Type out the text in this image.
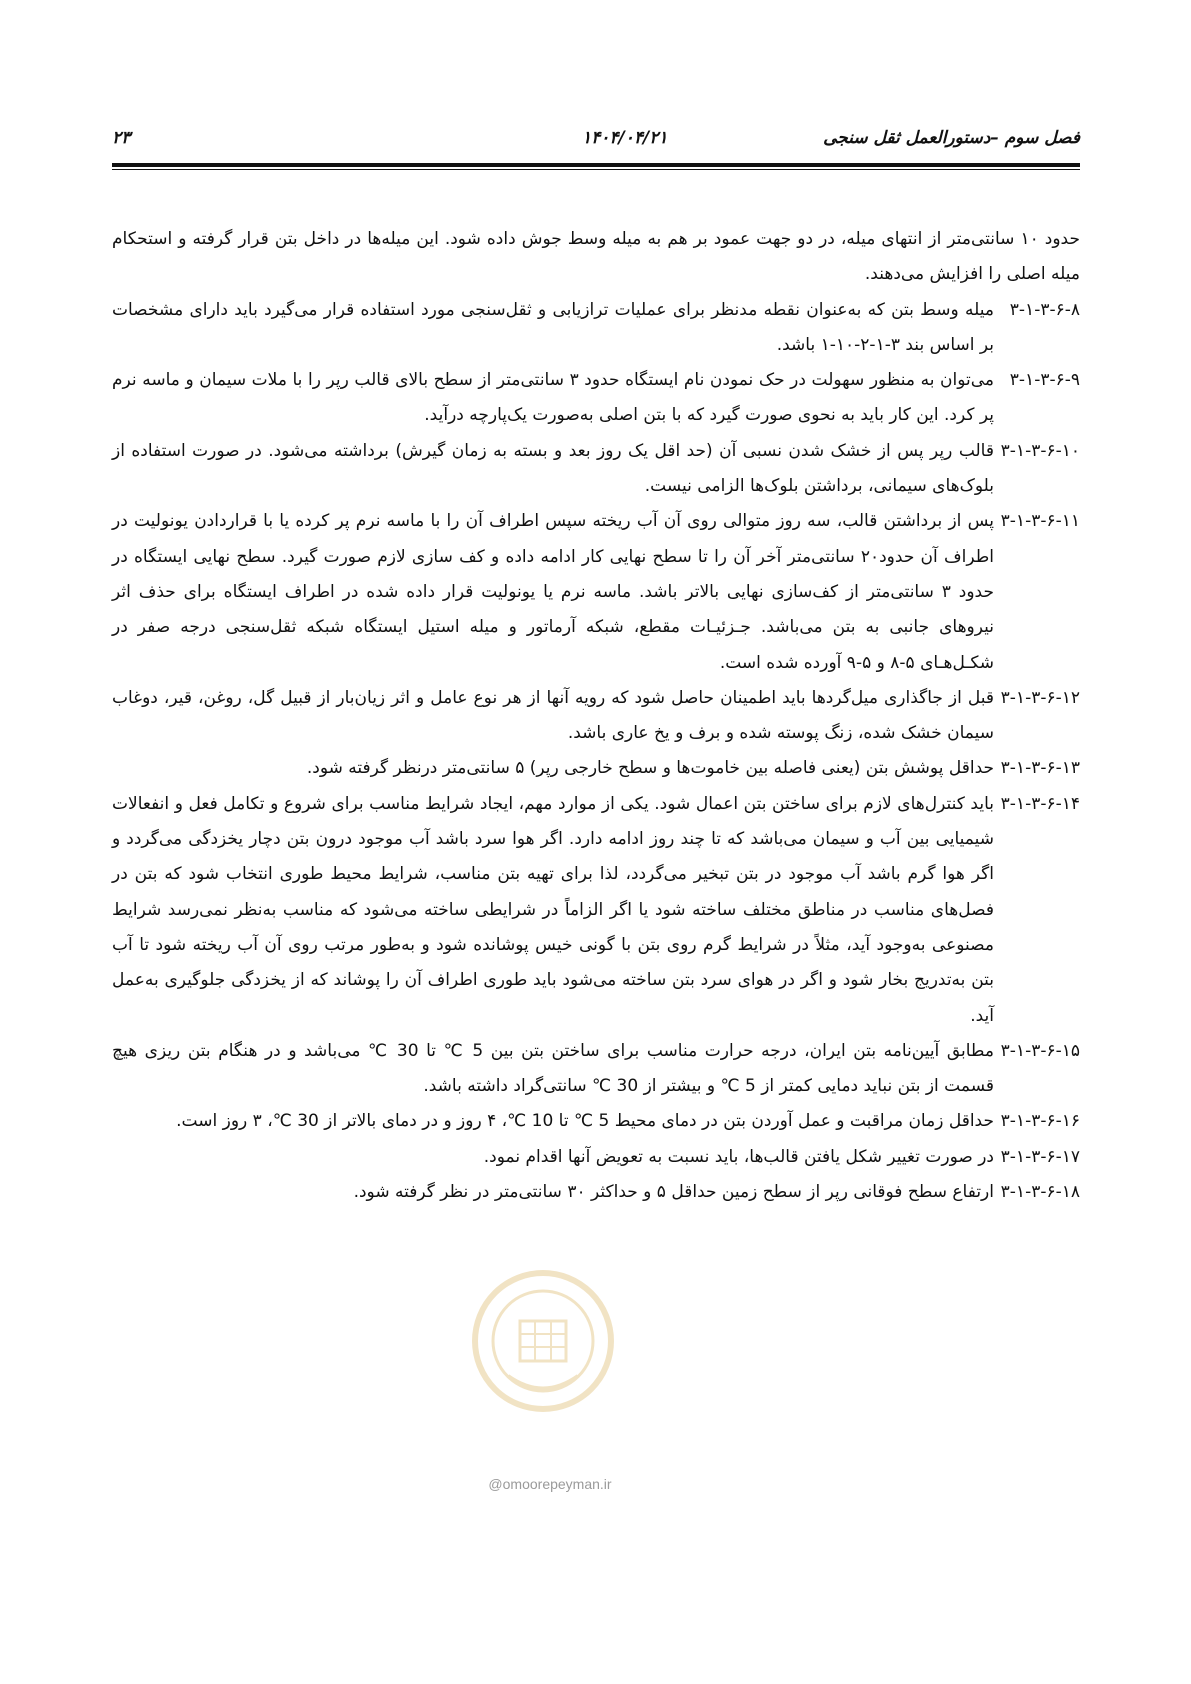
۲۳	۱۴۰۴/۰۴/۲۱	فصل سوم –دستورالعمل ثقل سنجی

حدود ۱۰ سانتی‌متر از انتهای میله، در دو جهت عمود بر هم به میله وسط جوش داده شود. این میله‌ها در داخل بتن قرار گرفته و استحکام میله اصلی را افزایش می‌دهند.

۳-۱-۳-۶-۸
میله وسط بتن که به‌عنوان نقطه مدنظر برای عملیات ترازیابی و ثقل‌سنجی مورد استفاده قرار می‌گیرد باید دارای مشخصات بر اساس بند ۳-۱-۲-۱۰-۱ باشد.
۳-۱-۳-۶-۹
می‌توان به منظور سهولت در حک نمودن نام ایستگاه حدود ۳ سانتی‌متر از سطح بالای قالب رپر را با ملات سیمان و ماسه نرم پر کرد. این کار باید به نحوی صورت گیرد که با بتن اصلی به‌صورت یک‌پارچه درآید.
۳-۱-۳-۶-۱۰
قالب رپر پس از خشک شدن نسبی آن (حد اقل یک روز بعد و بسته به زمان گیرش) برداشته می‌شود. در صورت استفاده از بلوک‌های سیمانی، برداشتن بلوک‌ها الزامی نیست.
۳-۱-۳-۶-۱۱
پس از برداشتن قالب، سه روز متوالی روی آن آب ریخته سپس اطراف آن را با ماسه نرم پر کرده یا با قراردادن یونولیت در اطراف آن حدود۲۰ سانتی‌متر آخر آن را تا سطح نهایی کار ادامه داده و کف سازی لازم صورت گیرد. سطح نهایی ایستگاه در حدود ۳ سانتی‌متر از کف‌سازی نهایی بالاتر باشد. ماسه نرم یا یونولیت قرار داده شده در اطراف ایستگاه برای حذف اثر نیروهای جانبی به بتن می‌باشد. جـزئیـات مقطع، شبکه آرماتور و میله استیل ایستگاه شبکه ثقل‌سنجی درجه صفر در شکـل‌هـای ۵-۸ و ۵-۹ آورده شده است.
۳-۱-۳-۶-۱۲
قبل از جاگذاری میل‌گردها باید اطمینان حاصل شود که رویه آنها از هر نوع عامل و اثر زیان‌بار از قبیل گل، روغن، قیر، دوغاب سیمان خشک شده، زنگ پوسته شده و برف و یخ عاری باشد.
۳-۱-۳-۶-۱۳
حداقل پوشش بتن (یعنی فاصله بین خاموت‌ها و سطح خارجی رپر) ۵ سانتی‌متر درنظر گرفته شود.
۳-۱-۳-۶-۱۴
باید کنترل‌های لازم برای ساختن بتن اعمال شود. یکی از موارد مهم، ایجاد شرایط مناسب برای شروع و تکامل فعل و انفعالات شیمیایی بین آب و سیمان می‌باشد که تا چند روز ادامه دارد. اگر هوا سرد باشد آب موجود درون بتن دچار یخزدگی می‌گردد و اگر هوا گرم باشد آب موجود در بتن تبخیر می‌گردد، لذا برای تهیه بتن مناسب، شرایط محیط طوری انتخاب شود که بتن در فصل‌های مناسب در مناطق مختلف ساخته شود یا اگر الزاماً در شرایطی ساخته می‌شود که مناسب به‌نظر نمی‌رسد شرایط مصنوعی به‌وجود آید، مثلاً در شرایط گرم روی بتن با گونی خیس پوشانده شود و به‌طور مرتب روی آن آب ریخته شود تا آب بتن به‌تدریج بخار شود و اگر در هوای سرد بتن ساخته می‌شود باید طوری اطراف آن را پوشاند که از یخزدگی جلوگیری به‌عمل آید.
۳-۱-۳-۶-۱۵
مطابق آیین‌نامه بتن ایران، درجه حرارت مناسب برای ساختن بتن بین 5 ℃ تا 30 ℃ می‌باشد و در هنگام بتن ریزی هیچ قسمت از بتن نباید دمایی کمتر از 5 ℃ و بیشتر از 30 ℃ سانتی‌گراد داشته باشد.
۳-۱-۳-۶-۱۶
حداقل زمان مراقبت و عمل آوردن بتن در دمای محیط 5 ℃ تا 10 ℃، ۴ روز و در دمای بالاتر از 30 ℃، ۳ روز است.
۳-۱-۳-۶-۱۷
در صورت تغییر شکل یافتن قالب‌ها، باید نسبت به تعویض آنها اقدام نمود.
۳-۱-۳-۶-۱۸
ارتفاع سطح فوقانی رپر از سطح زمین حداقل ۵ و حداکثر ۳۰ سانتی‌متر در نظر گرفته شود.
@omoorepeyman.ir
